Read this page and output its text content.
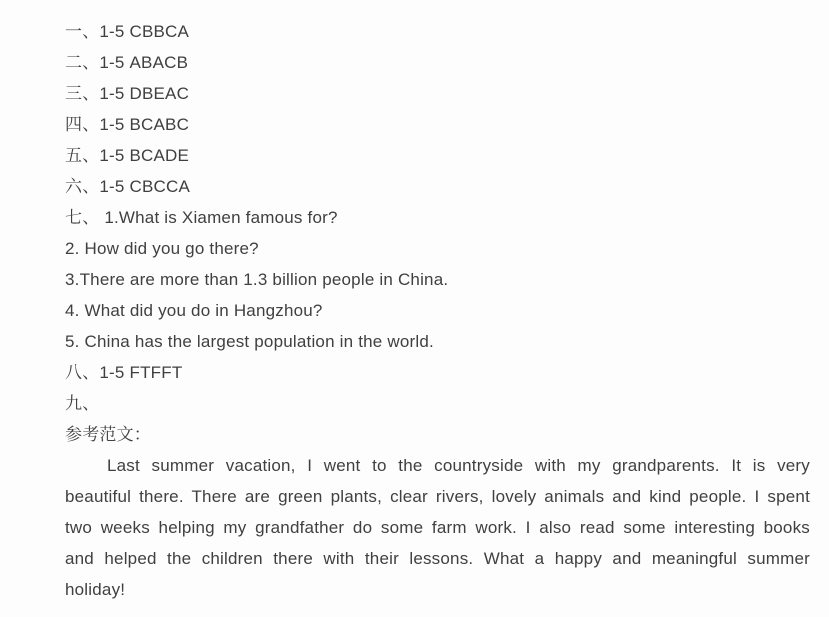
一、1-5 CBBCA
二、1-5 ABACB
三、1-5 DBEAC
四、1-5 BCABC
五、1-5 BCADE
六、1-5 CBCCA
七、 1.What is Xiamen famous for?
2. How did you go there?
3.There are more than 1.3 billion people in China.
4. What did you do in Hangzhou?
5. China has the largest population in the world.
八、1-5 FTFFT
九、
参考范文：

Last summer vacation, I went to the countryside with my grandparents. It is very beautiful there. There are green plants, clear rivers, lovely animals and kind people. I spent two weeks helping my grandfather do some farm work. I also read some interesting books and helped the children there with their lessons. What a happy and meaningful summer holiday!
